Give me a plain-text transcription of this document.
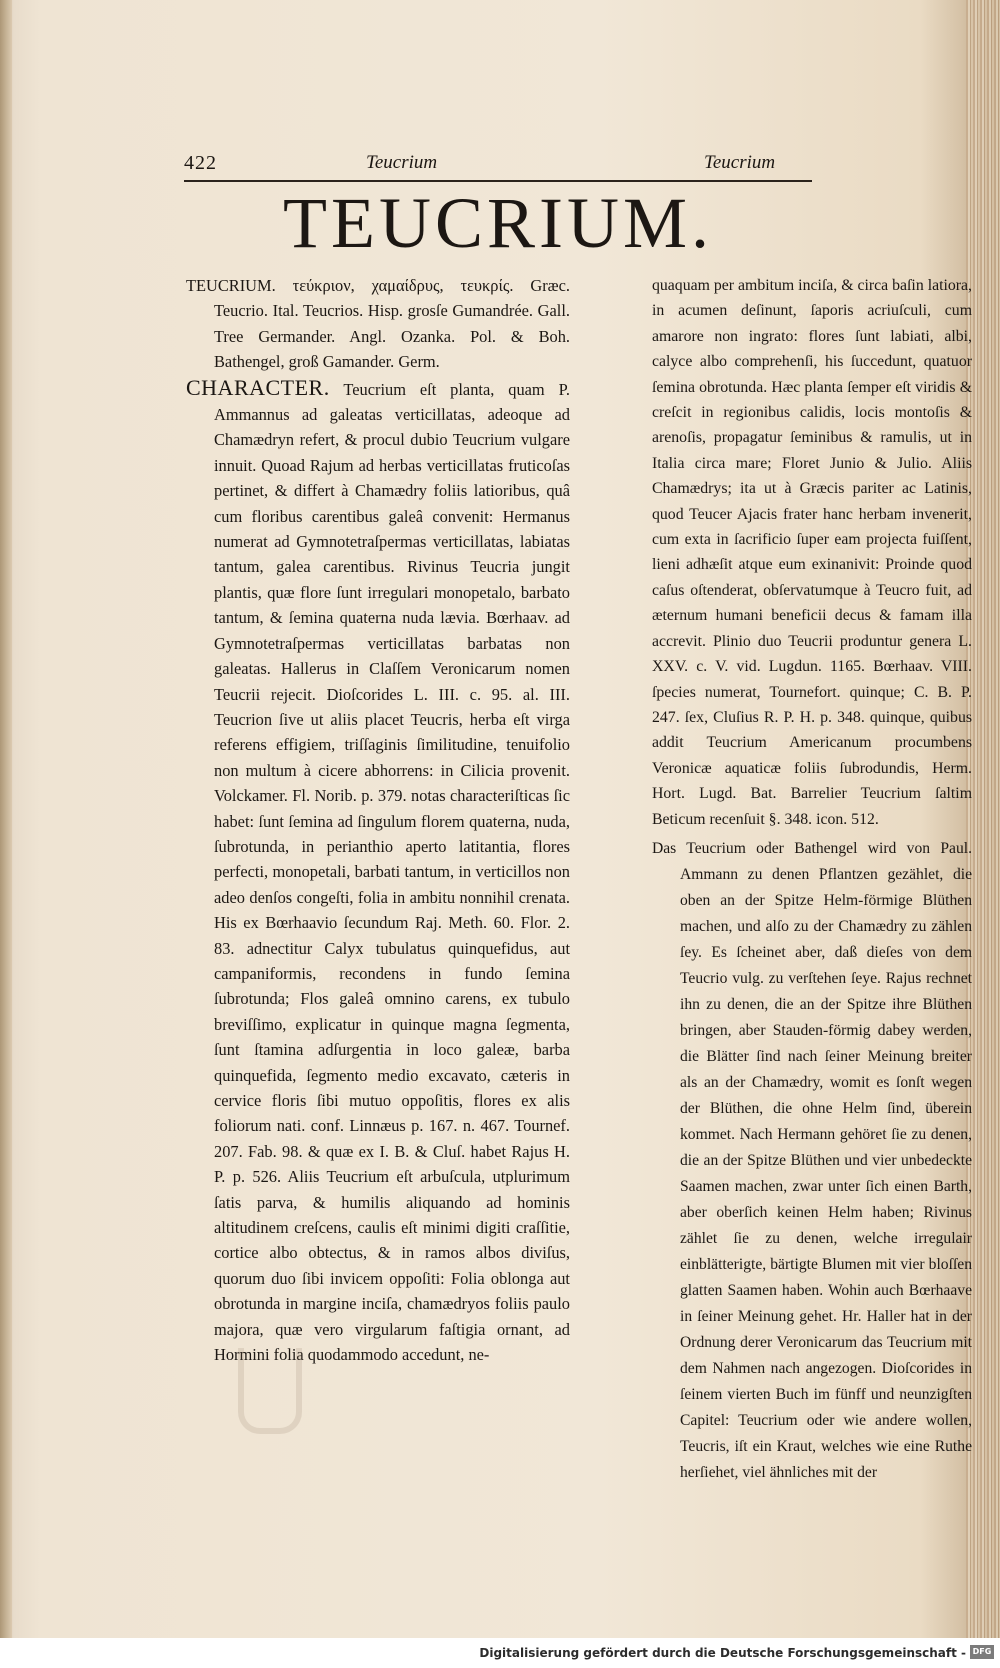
422	Teucrium	Teucrium
TEUCRIUM.

TEUCRIUM. τεύκριον, χαμαίδρυς, τευκρίς. Græc. Teucrio. Ital. Teucrios. Hisp. grosſe Gumandrée. Gall. Tree Germander. Angl. Ozanka. Pol. & Boh. Bathengel, groß Gamander. Germ.

CHARACTER. Teucrium eſt planta, quam P. Ammannus ad galeatas verticillatas, adeoque ad Chamædryn refert, & procul dubio Teucrium vulgare innuit. Quoad Rajum ad herbas verticillatas fruticoſas pertinet, & differt à Chamædry foliis latioribus, quâ cum floribus carentibus galeâ convenit: Hermanus numerat ad Gymnotetraſpermas verticillatas, labiatas tantum, galea carentibus. Rivinus Teucria jungit plantis, quæ flore ſunt irregulari monopetalo, barbato tantum, & ſemina quaterna nuda lævia. Bœrhaav. ad Gymnotetraſpermas verticillatas barbatas non galeatas. Hallerus in Claſſem Veronicarum nomen Teucrii rejecit. Dioſcorides L. III. c. 95. al. III. Teucrion ſive ut aliis placet Teucris, herba eſt virga referens effigiem, triſſaginis ſimilitudine, tenuifolio non multum à cicere abhorrens: in Cilicia provenit. Volckamer. Fl. Norib. p. 379. notas characteriſticas ſic habet: ſunt ſemina ad ſingulum florem quaterna, nuda, ſubrotunda, in perianthio aperto latitantia, flores perfecti, monopetali, barbati tantum, in verticillos non adeo denſos congeſti, folia in ambitu nonnihil crenata. His ex Bœrhaavio ſecundum Raj. Meth. 60. Flor. 2. 83. adnectitur Calyx tubulatus quinquefidus, aut campaniformis, recondens in fundo ſemina ſubrotunda; Flos galeâ omnino carens, ex tubulo breviſſimo, explicatur in quinque magna ſegmenta, ſunt ſtamina adſurgentia in loco galeæ, barba quinquefida, ſegmento medio excavato, cæteris in cervice floris ſibi mutuo oppoſitis, flores ex alis foliorum nati. conf. Linnæus p. 167. n. 467. Tournef. 207. Fab. 98. & quæ ex I. B. & Cluſ. habet Rajus H. P. p. 526. Aliis Teucrium eſt arbuſcula, utplurimum ſatis parva, & humilis aliquando ad hominis altitudinem creſcens, caulis eſt minimi digiti craſſitie, cortice albo obtectus, & in ramos albos diviſus, quorum duo ſibi invicem oppoſiti: Folia oblonga aut obrotunda in margine inciſa, chamædryos foliis paulo majora, quæ vero virgularum faſtigia ornant, ad Hormini folia quodammodo accedunt, ne-

quaquam per ambitum inciſa, & circa baſin latiora, in acumen deſinunt, ſaporis acriuſculi, cum amarore non ingrato: flores ſunt labiati, albi, calyce albo comprehenſi, his ſuccedunt, quatuor ſemina obrotunda. Hæc planta ſemper eſt viridis & creſcit in regionibus calidis, locis montoſis & arenoſis, propagatur ſeminibus & ramulis, ut in Italia circa mare; Floret Junio & Julio. Aliis Chamædrys; ita ut à Græcis pariter ac Latinis, quod Teucer Ajacis frater hanc herbam invenerit, cum exta in ſacrificio ſuper eam projecta fuiſſent, lieni adhæſit atque eum exinanivit: Proinde quod caſus oſtenderat, obſervatumque à Teucro fuit, ad æternum humani beneficii decus & famam illa accrevit. Plinio duo Teucrii produntur genera L. XXV. c. V. vid. Lugdun. 1165. Bœrhaav. VIII. ſpecies numerat, Tournefort. quinque; C. B. P. 247. ſex, Cluſius R. P. H. p. 348. quinque, quibus addit Teucrium Americanum procumbens Veronicæ aquaticæ foliis ſubrodundis, Herm. Hort. Lugd. Bat. Barrelier Teucrium ſaltim Beticum recenſuit §. 348. icon. 512.

Das Teucrium oder Bathengel wird von Paul. Ammann zu denen Pflantzen gezählet, die oben an der Spitze Helm-förmige Blüthen machen, und alſo zu der Chamædry zu zählen ſey. Es ſcheinet aber, daß dieſes von dem Teucrio vulg. zu verſtehen ſeye. Rajus rechnet ihn zu denen, die an der Spitze ihre Blüthen bringen, aber Stauden-förmig dabey werden, die Blätter ſind nach ſeiner Meinung breiter als an der Chamædry, womit es ſonſt wegen der Blüthen, die ohne Helm ſind, überein kommet. Nach Hermann gehöret ſie zu denen, die an der Spitze Blüthen und vier unbedeckte Saamen machen, zwar unter ſich einen Barth, aber oberſich keinen Helm haben; Rivinus zählet ſie zu denen, welche irregulair einblätterigte, bärtigte Blumen mit vier bloſſen glatten Saamen haben. Wohin auch Bœrhaave in ſeiner Meinung gehet. Hr. Haller hat in der Ordnung derer Veronicarum das Teucrium mit dem Nahmen nach angezogen. Dioſcorides in ſeinem vierten Buch im fünff und neunzigſten Capitel: Teucrium oder wie andere wollen, Teucris, iſt ein Kraut, welches wie eine Ruthe herſiehet, viel ähnliches mit der

Digitalisierung gefördert durch die Deutsche Forschungsgemeinschaft - DFG
